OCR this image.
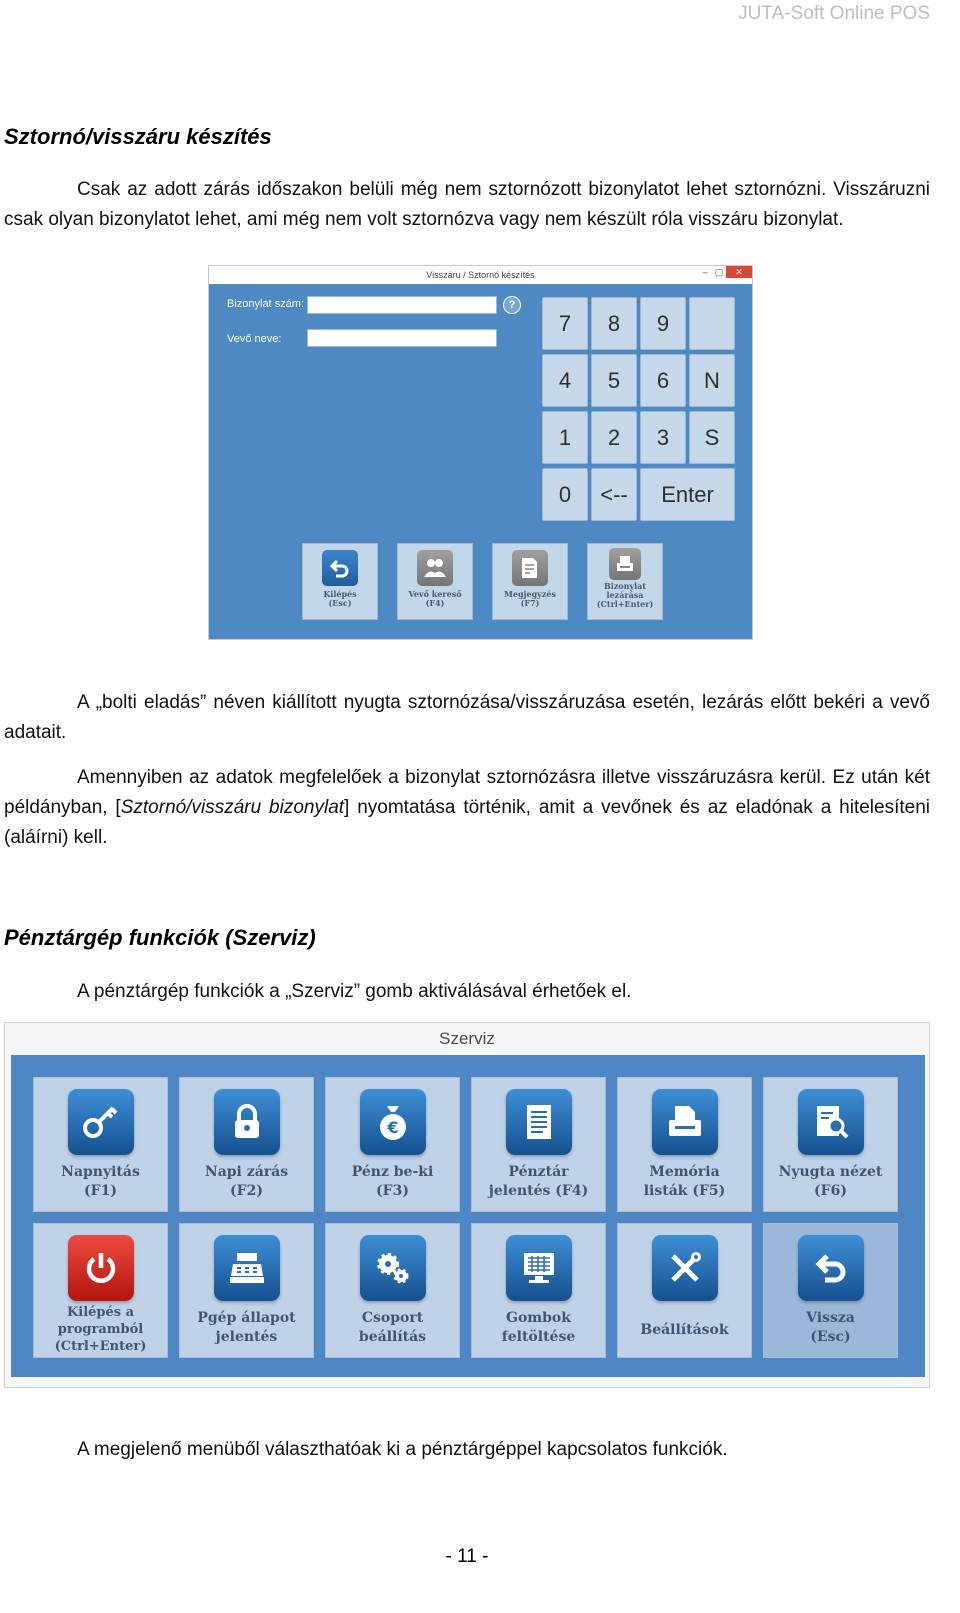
JUTA-Soft Online POS
Sztornó/visszáru készítés

Csak az adott zárás időszakon belüli még nem sztornózott bizonylatot lehet sztornózni. Visszáruzni csak olyan bizonylatot lehet, ami még nem volt sztornózva vagy nem készült róla visszáru bizonylat.

Visszáru / Sztornó készítés	– ▢	✕
Bizonylat szám:	?
Vevő neve:
7	8	9
4	5	6	N
1	2	3	S
0	<--	Enter
Kilépés
(Esc)
Vevő kereső
(F4)
Megjegyzés
(F7)
Bizonylat
lezárása
(Ctrl+Enter)

A „bolti eladás” néven kiállított nyugta sztornózása/visszáruzása esetén, lezárás előtt bekéri a vevő adatait.

Amennyiben az adatok megfelelőek a bizonylat sztornózásra illetve visszáruzásra kerül. Ez után két példányban, [Sztornó/visszáru bizonylat] nyomtatása történik, amit a vevőnek és az eladónak a hitelesíteni (aláírni) kell.

Pénztárgép funkciók (Szerviz)

A pénztárgép funkciók a „Szerviz” gomb aktiválásával érhetőek el.

Szerviz
Napnyitás
(F1)
Napi zárás
(F2)
€
Pénz be-ki
(F3)
Pénztár
jelentés (F4)
Memória
listák (F5)
Nyugta nézet
(F6)
Kilépés a
programból
(Ctrl+Enter)
Pgép állapot
jelentés
Csoport
beállítás
Gombok
feltöltése	Beállítások
Vissza
(Esc)

A megjelenő menüből választhatóak ki a pénztárgéppel kapcsolatos funkciók.

- 11 -
